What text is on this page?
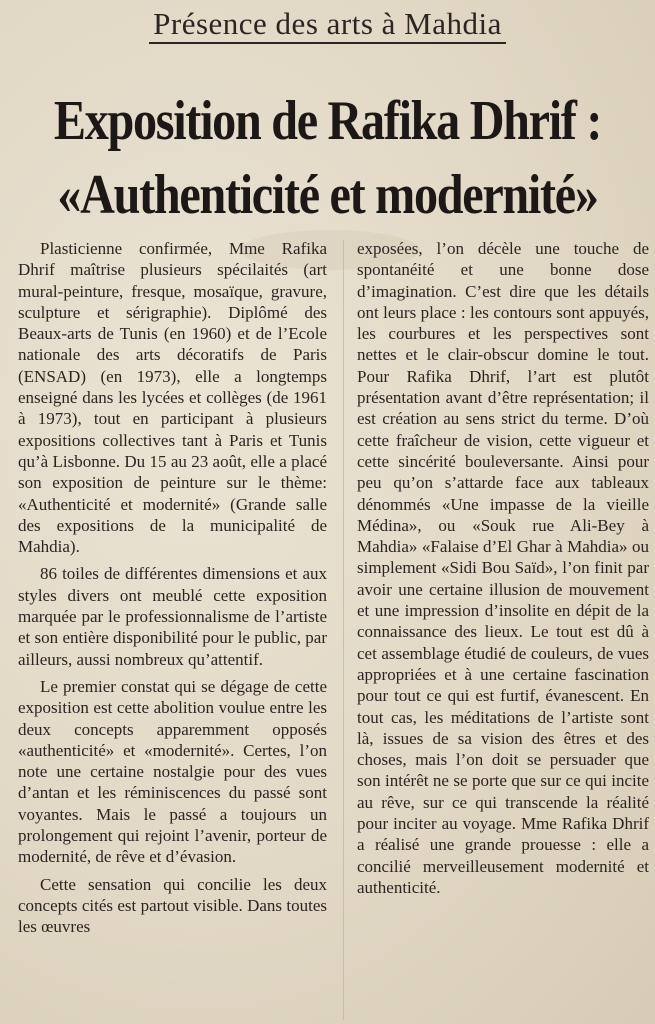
Présence des arts à Mahdia
Exposition de Rafika Dhrif :
«Authenticité et modernité»

Plasticienne confirmée, Mme Rafika Dhrif maîtrise plusieurs spécilaités (art mural-peinture, fresque, mosaïque, gravure, sculpture et sérigraphie). Diplômé des Beaux-arts de Tunis (en 1960) et de l’Ecole nationale des arts décoratifs de Paris (ENSAD) (en 1973), elle a longtemps enseigné dans les lycées et collèges (de 1961 à 1973), tout en participant à plusieurs expositions collectives tant à Paris et Tunis qu’à Lisbonne. Du 15 au 23 août, elle a placé son exposition de peinture sur le thème: «Authenticité et modernité» (Grande salle des expositions de la municipalité de Mahdia).

86 toiles de différentes dimensions et aux styles divers ont meublé cette exposition marquée par le professionnalisme de l’artiste et son entière disponibilité pour le public, par ailleurs, aussi nombreux qu’attentif.

Le premier constat qui se dégage de cette exposition est cette abolition voulue entre les deux concepts apparemment opposés «authenticité» et «modernité». Certes, l’on note une certaine nostalgie pour des vues d’antan et les réminiscences du passé sont voyantes. Mais le passé a toujours un prolongement qui rejoint l’avenir, porteur de modernité, de rêve et d’évasion.

Cette sensation qui concilie les deux concepts cités est partout visible. Dans toutes les œuvres

exposées, l’on décèle une touche de spontanéité et une bonne dose d’imagination. C’est dire que les détails ont leurs place : les contours sont appuyés, les courbures et les perspectives sont nettes et le clair-obscur domine le tout. Pour Rafika Dhrif, l’art est plutôt présentation avant d’être représentation; il est création au sens strict du terme. D’où cette fraîcheur de vision, cette vigueur et cette sincérité bouleversante. Ainsi pour peu qu’on s’attarde face aux tableaux dénommés «Une impasse de la vieille Médina», ou «Souk rue Ali-Bey à Mahdia» «Falaise d’El Ghar à Mahdia» ou simplement «Sidi Bou Saïd», l’on finit par avoir une certaine illusion de mouvement et une impression d’insolite en dépit de la connaissance des lieux. Le tout est dû à cet assemblage étudié de couleurs, de vues appropriées et à une certaine fascination pour tout ce qui est furtif, évanescent. En tout cas, les méditations de l’artiste sont là, issues de sa vision des êtres et des choses, mais l’on doit se persuader que son intérêt ne se porte que sur ce qui incite au rêve, sur ce qui transcende la réalité pour inciter au voyage. Mme Rafika Dhrif a réalisé une grande prouesse : elle a concilié merveilleusement modernité et authenticité.
